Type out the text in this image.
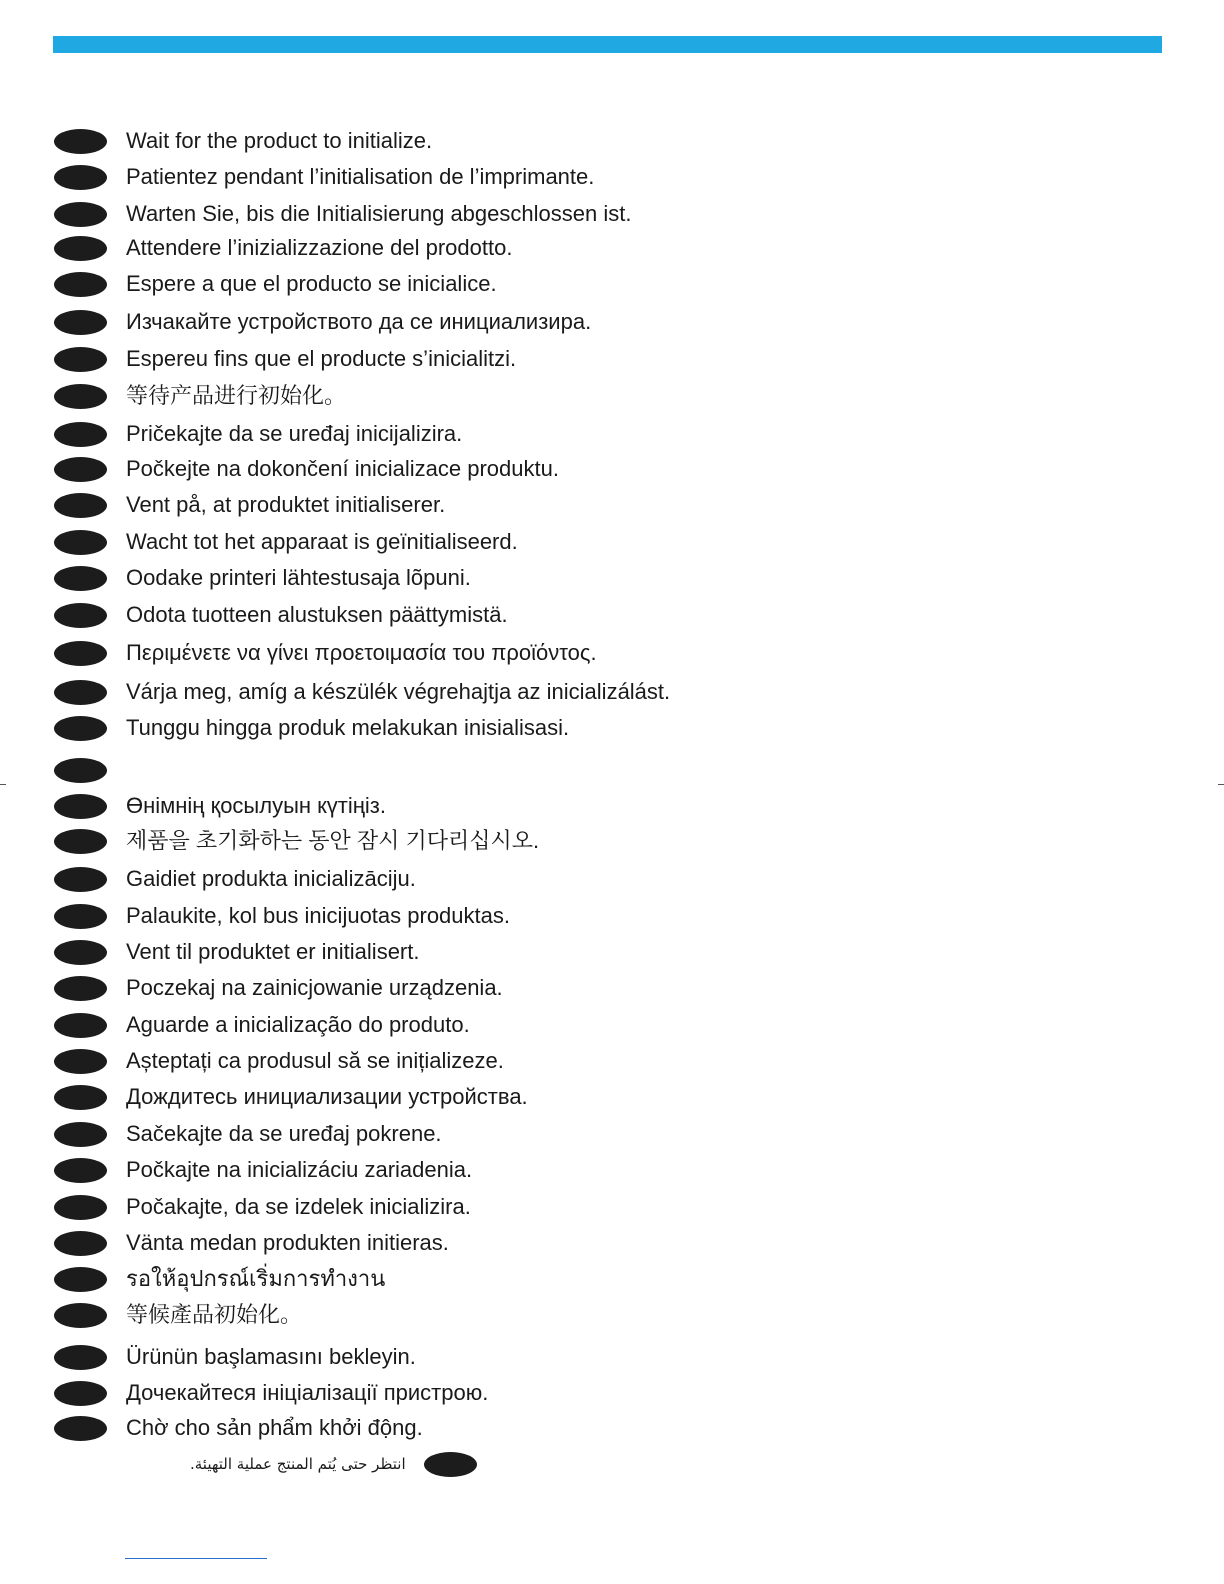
Wait for the product to initialize.
Patientez pendant l’initialisation de l’imprimante.
Warten Sie, bis die Initialisierung abgeschlossen ist.
Attendere l’inizializzazione del prodotto.
Espere a que el producto se inicialice.
Изчакайте устройството да се инициализира.
Espereu fins que el producte s’inicialitzi.
等待产品进行初始化。
Pričekajte da se uređaj inicijalizira.
Počkejte na dokončení inicializace produktu.
Vent på, at produktet initialiserer.
Wacht tot het apparaat is geïnitialiseerd.
Oodake printeri lähtestusaja lõpuni.
Odota tuotteen alustuksen päättymistä.
Περιμένετε να γίνει προετοιμασία του προϊόντος.
Várja meg, amíg a készülék végrehajtja az inicializálást.
Tunggu hingga produk melakukan inisialisasi.
Өнімнің қосылуын күтіңіз.
제품을 초기화하는 동안 잠시 기다리십시오.
Gaidiet produkta inicializāciju.
Palaukite, kol bus inicijuotas produktas.
Vent til produktet er initialisert.
Poczekaj na zainicjowanie urządzenia.
Aguarde a inicialização do produto.
Așteptați ca produsul să se inițializeze.
Дождитесь инициализации устройства.
Sačekajte da se uređaj pokrene.
Počkajte na inicializáciu zariadenia.
Počakajte, da se izdelek inicializira.
Vänta medan produkten initieras.
รอให้อุปกรณ์เริ่มการทำงาน
等候產品初始化。
Ürünün başlamasını bekleyin.
Дочекайтеся ініціалізації пристрою.
Chờ cho sản phẩm khởi động.
انتظر حتى يُتم المنتج عملية التهيئة.
